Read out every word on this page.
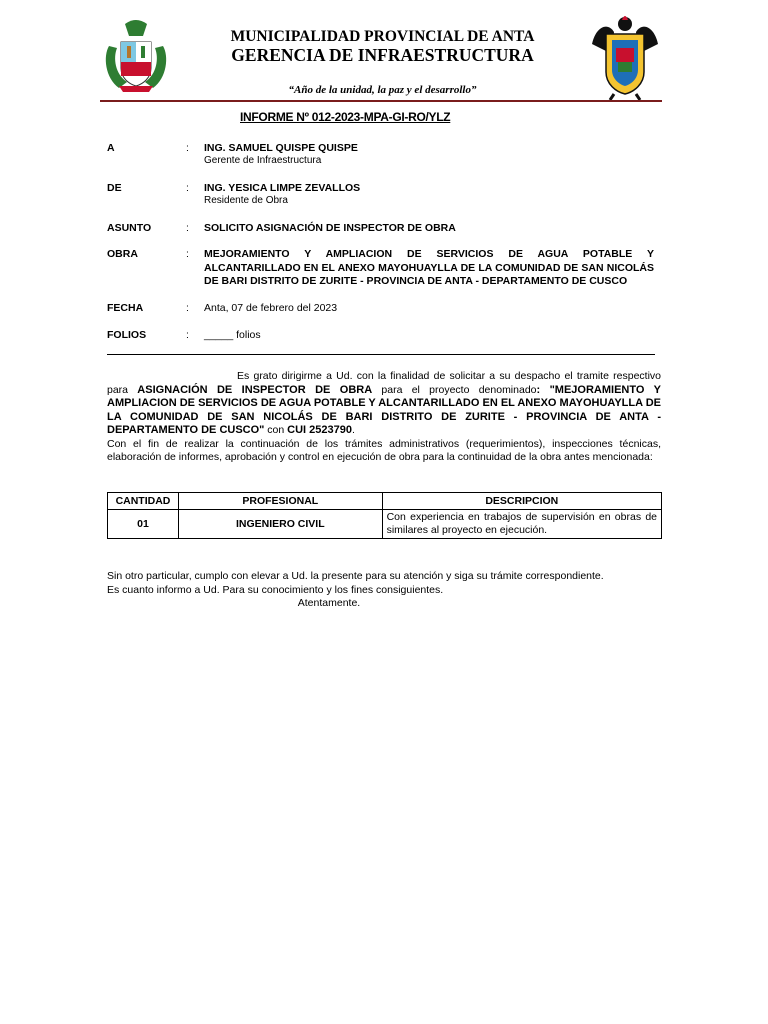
MUNICIPALIDAD PROVINCIAL DE ANTA
GERENCIA DE INFRAESTRUCTURA
“Año de la unidad, la paz y el desarrollo”
INFORME Nº 012-2023-MPA-GI-RO/YLZ
A	: ING. SAMUEL QUISPE QUISPE
Gerente de Infraestructura
DE	: ING. YESICA LIMPE ZEVALLOS
Residente de Obra
ASUNTO	: SOLICITO ASIGNACIÓN DE INSPECTOR DE OBRA
OBRA	: MEJORAMIENTO Y AMPLIACION DE SERVICIOS DE AGUA POTABLE Y ALCANTARILLADO EN EL ANEXO MAYOHUAYLLA DE LA COMUNIDAD DE SAN NICOLÁS DE BARI DISTRITO DE ZURITE - PROVINCIA DE ANTA - DEPARTAMENTO DE CUSCO
FECHA	: Anta, 07 de febrero del 2023
FOLIOS	: _____ folios
Es grato dirigirme a Ud. con la finalidad de solicitar a su despacho el tramite respectivo para ASIGNACIÓN DE INSPECTOR DE OBRA para el proyecto denominado: "MEJORAMIENTO Y AMPLIACION DE SERVICIOS DE AGUA POTABLE Y ALCANTARILLADO EN EL ANEXO MAYOHUAYLLA DE LA COMUNIDAD DE SAN NICOLÁS DE BARI DISTRITO DE ZURITE - PROVINCIA DE ANTA - DEPARTAMENTO DE CUSCO" con CUI 2523790.
Con el fin de realizar la continuación de los trámites administrativos (requerimientos), inspecciones técnicas, elaboración de informes, aprobación y control en ejecución de obra para la continuidad de la obra antes mencionada:
CANTIDAD	PROFESIONAL	DESCRIPCION
01	INGENIERO CIVIL	Con experiencia en trabajos de supervisión en obras de similares al proyecto en ejecución.
Sin otro particular, cumplo con elevar a Ud. la presente para su atención y siga su trámite correspondiente.
Es cuanto informo a Ud. Para su conocimiento y los fines consiguientes.
Atentamente.
